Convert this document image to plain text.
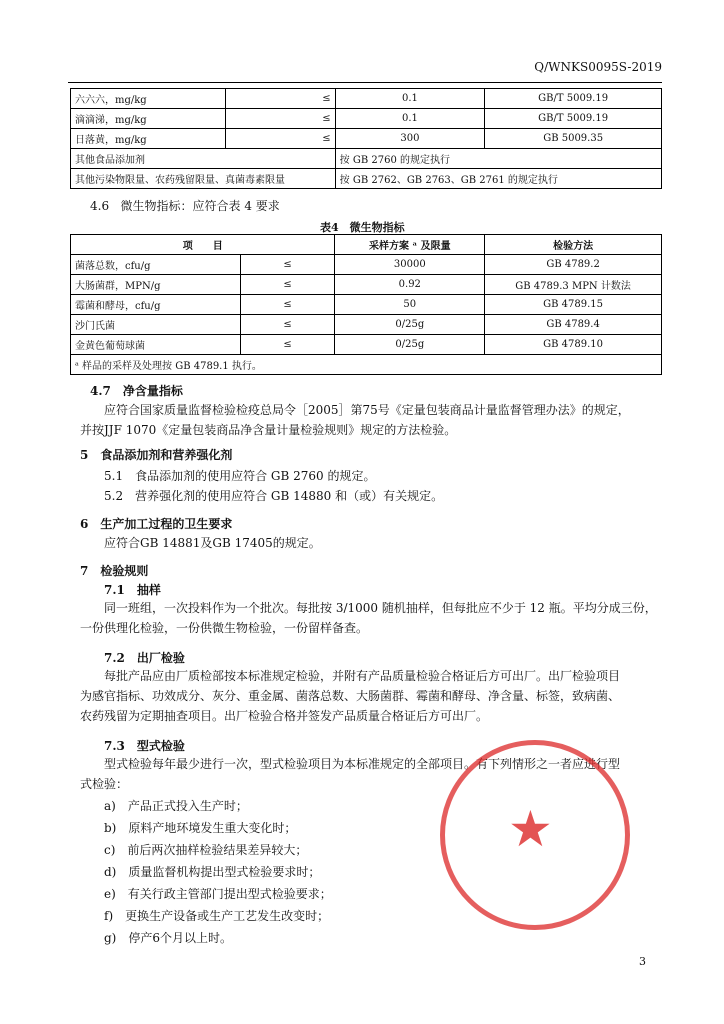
Q/WNKS0095S-2019
六六六，mg/kg	≤	0.1	GB/T 5009.19
滴滴涕，mg/kg	≤	0.1	GB/T 5009.19
日落黄，mg/kg	≤	300	GB 5009.35
其他食品添加剂		按 GB 2760 的规定执行	
其他污染物限量、农药残留限量、真菌毒素限量		按 GB 2762、GB 2763、GB 2761 的规定执行	
4.6 微生物指标：应符合表 4 要求
表4　微生物指标
项　　目		采样方案 ᵃ 及限量	检验方法
菌落总数，cfu/g	≤	30000	GB 4789.2
大肠菌群，MPN/g	≤	0.92	GB 4789.3 MPN 计数法
霉菌和酵母，cfu/g	≤	50	GB 4789.15
沙门氏菌	≤	0/25g	GB 4789.4
金黄色葡萄球菌	≤	0/25g	GB 4789.10
ᵃ 样品的采样及处理按 GB 4789.1 执行。			
4.7　净含量指标
应符合国家质量监督检验检疫总局令［2005］第75号《定量包装商品计量监督管理办法》的规定，
并按JJF 1070《定量包装商品净含量计量检验规则》规定的方法检验。
5　食品添加剂和营养强化剂
5.1　食品添加剂的使用应符合 GB 2760 的规定。
5.2　营养强化剂的使用应符合 GB 14880 和（或）有关规定。
6　生产加工过程的卫生要求
应符合GB 14881及GB 17405的规定。
7　检验规则
7.1　抽样
同一班组，一次投料作为一个批次。每批按 3/1000 随机抽样，但每批应不少于 12 瓶。平均分成三份，
一份供理化检验，一份供微生物检验，一份留样备查。
7.2　出厂检验
每批产品应由厂质检部按本标准规定检验，并附有产品质量检验合格证后方可出厂。出厂检验项目
为感官指标、功效成分、灰分、重金属、菌落总数、大肠菌群、霉菌和酵母、净含量、标签，致病菌、
农药残留为定期抽查项目。出厂检验合格并签发产品质量合格证后方可出厂。
7.3　型式检验
型式检验每年最少进行一次，型式检验项目为本标准规定的全部项目。有下列情形之一者应进行型
式检验：
a)　产品正式投入生产时；
b)　原料产地环境发生重大变化时；
c)　前后两次抽样检验结果差异较大；
d)　质量监督机构提出型式检验要求时；
e)　有关行政主管部门提出型式检验要求；
f)　更换生产设备或生产工艺发生改变时；
g)　停产6个月以上时。
★
3
